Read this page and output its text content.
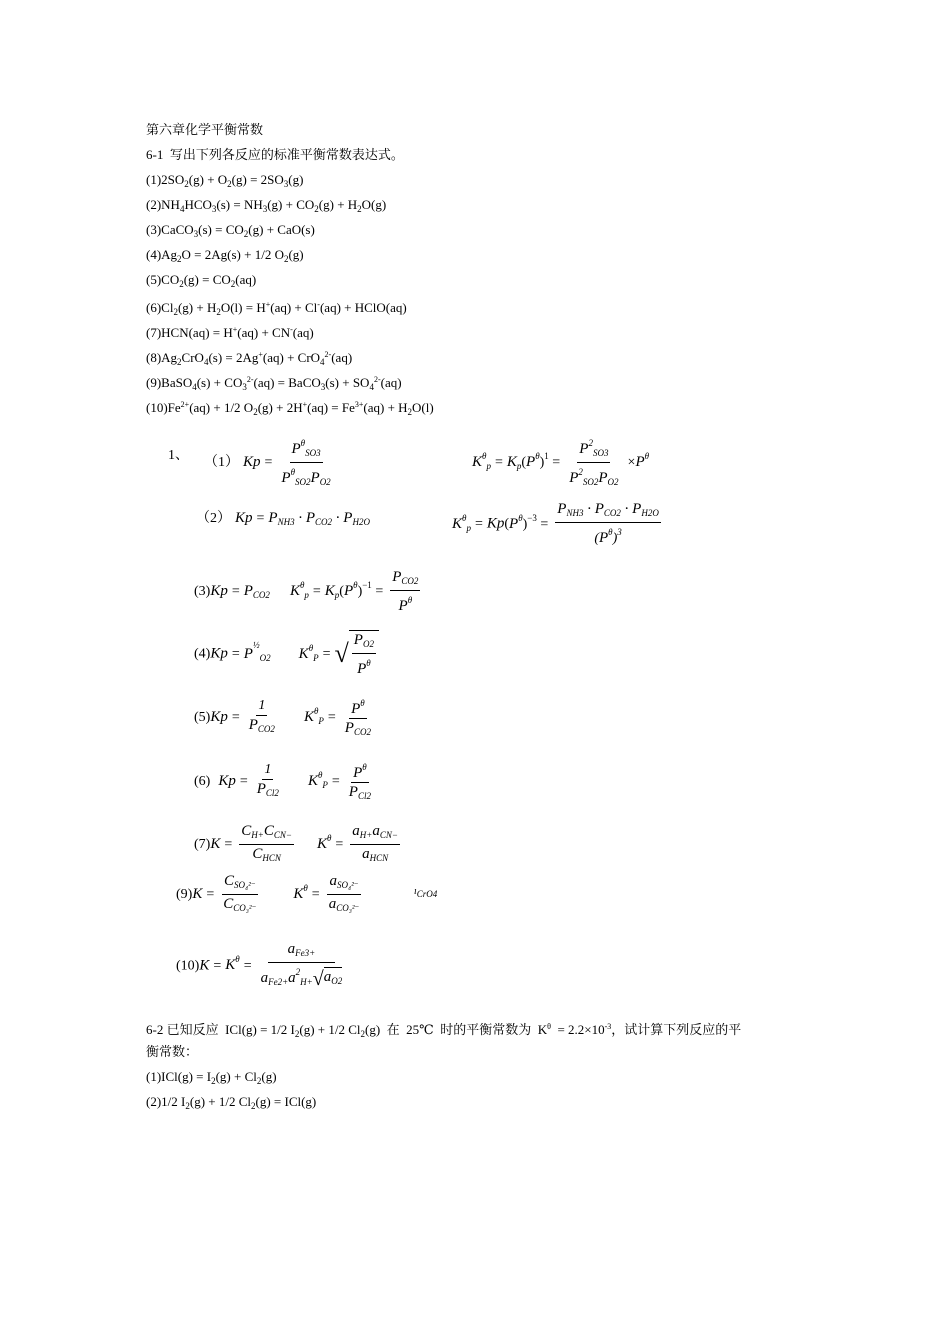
第六章化学平衡常数
6-1 写出下列各反应的标准平衡常数表达式。
$(1)2SO_2(g) + O_2(g) = 2SO_3(g)$
$(2)NH_4HCO_3(s) = NH_3(g) + CO_2(g) + H_2O(g)$
(3)CaCO$_3$(s) = $CO_2(g) + CaO(s)$
$(4)Ag_2O = 2Ag(s) + 1/2$ $O_2(g)$
$(5)CO_2(g) = CO_2(aq)$
$(6)Cl_2(g) + H_2O(l) = H^+(aq) + Cl^-(aq)$ + HClO(aq)
(7)HCN(aq) = H+(aq) + CN-(aq)
$(8)Ag_2CrO_4(s) = 2Ag^+(aq) + CrO_4^{2-}(aq)$
(9)BaSO$_4$(s) + $CO_3^{2-}(aq)$ = BaCO$_3$(s) + $SO_4^{2-}(aq)$
$(10)Fe^{2+}(aq) + 1/2$ $O_2(g) + 2H^+(aq) = Fe^{3+}(aq) + H_2O(l)$
1、 （1） $Kp = \frac{P^\theta_{SO3}}{P^\theta_{SO2}P_{O2}}$	$K^\theta_p = K_p(P^\theta)^1 = \frac{P^2_{SO3}}{P^2_{SO2}P_{O2}} \times P^\theta$
（2） $Kp = P_{NH3} \cdot P_{CO2} \cdot P_{H2O}$	$K^\theta_p = Kp(P^\theta)^{-3} = \frac{P_{NH3} \cdot P_{CO2} \cdot P_{H2O}}{(P^\theta)^3}$
$(3)Kp = P_{CO2}$ $K^\theta_p = K_p(P^\theta)^{-1} = \frac{P_{CO2}}{P^\theta}$
$(4)Kp = P^{\frac{1}{2}}_{O2}$ $K^\theta_P$ = √ $\frac{P_{O2}}{P^\theta}$
$(5)Kp = \frac{1}{P_{CO2}} K^\theta_P = \frac{P^\theta}{P_{CO2}}$
(6) $Kp = \frac{1}{P_{Cl2}} K^\theta_P = \frac{P^\theta}{P_{Cl2}}$
$(7)K = \frac{C_{H+}C_{CN-}}{C_{HCN}} K^\theta = \frac{a_{H+}a_{CN-}}{a_{HCN}}$
$(9)K = \frac{C_{SO_4^{2-}}}{C_{CO_3^{2-}}} K^\theta = \frac{a_{SO_4^{2-}}}{a_{CO_3^{2-}}}$	$ı_{CrO4}$
$(10)K = K^\theta = \frac{a_{Fe3+}}{a_{Fe2+}a^2_{H+} √ a_{O2}}$
6-2 已知反应  ICl(g) = 1/2 $I_2(g) + 1/2$ $Cl_2(g)$  在  25℃  时的平衡常数为  $K^\theta = 2.2\times 10^{-3}$，试计算下列反应的平
衡常数：
$(1)ICl(g) = I_2(g) + Cl_2(g)$
(2)1/2 $I_2(g) + 1/2$ $Cl_2(g) = ICl(g)$
